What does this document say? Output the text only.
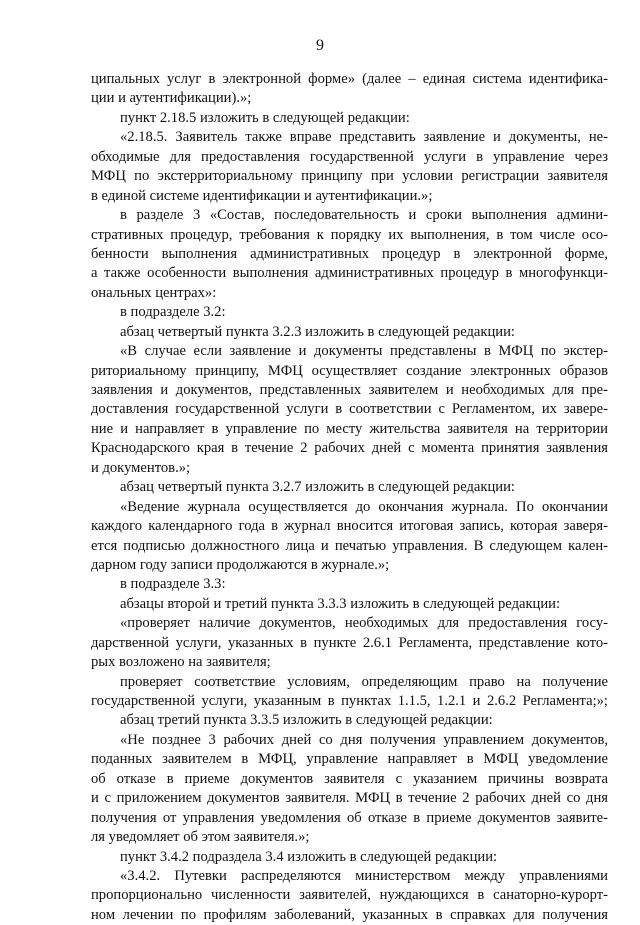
9
ципальных услуг в электронной форме» (далее – единая система идентифика-
ции и аутентификации).»;
пункт 2.18.5 изложить в следующей редакции:
«2.18.5. Заявитель также вправе представить заявление и документы, не-
обходимые для предоставления государственной услуги в управление через
МФЦ по экстерриториальному принципу при условии регистрации заявителя
в единой системе идентификации и аутентификации.»;
в разделе 3 «Состав, последовательность и сроки выполнения админи-
стративных процедур, требования к порядку их выполнения, в том числе осо-
бенности выполнения административных процедур в электронной форме,
а также особенности выполнения административных процедур в многофункци-
ональных центрах»:
в подразделе 3.2:
абзац четвертый пункта 3.2.3 изложить в следующей редакции:
«В случае если заявление и документы представлены в МФЦ по экстер-
риториальному принципу, МФЦ осуществляет создание электронных образов
заявления и документов, представленных заявителем и необходимых для пре-
доставления государственной услуги в соответствии с Регламентом, их завере-
ние и направляет в управление по месту жительства заявителя на территории
Краснодарского края в течение 2 рабочих дней с момента принятия заявления
и документов.»;
абзац четвертый пункта 3.2.7 изложить в следующей редакции:
«Ведение журнала осуществляется до окончания журнала. По окончании
каждого календарного года в журнал вносится итоговая запись, которая заверя-
ется подписью должностного лица и печатью управления. В следующем кален-
дарном году записи продолжаются в журнале.»;
в подразделе 3.3:
абзацы второй и третий пункта 3.3.3 изложить в следующей редакции:
«проверяет наличие документов, необходимых для предоставления госу-
дарственной услуги, указанных в пункте 2.6.1 Регламента, представление кото-
рых возложено на заявителя;
проверяет соответствие условиям, определяющим право на получение
государственной услуги, указанным в пунктах 1.1.5, 1.2.1 и 2.6.2 Регламента;»;
абзац третий пункта 3.3.5 изложить в следующей редакции:
«Не позднее 3 рабочих дней со дня получения управлением документов,
поданных заявителем в МФЦ, управление направляет в МФЦ уведомление
об отказе в приеме документов заявителя с указанием причины возврата
и с приложением документов заявителя. МФЦ в течение 2 рабочих дней со дня
получения от управления уведомления об отказе в приеме документов заявите-
ля уведомляет об этом заявителя.»;
пункт 3.4.2 подраздела 3.4 изложить в следующей редакции:
«3.4.2. Путевки распределяются министерством между управлениями
пропорционально численности заявителей, нуждающихся в санаторно-курорт-
ном лечении по профилям заболеваний, указанных в справках для получения
